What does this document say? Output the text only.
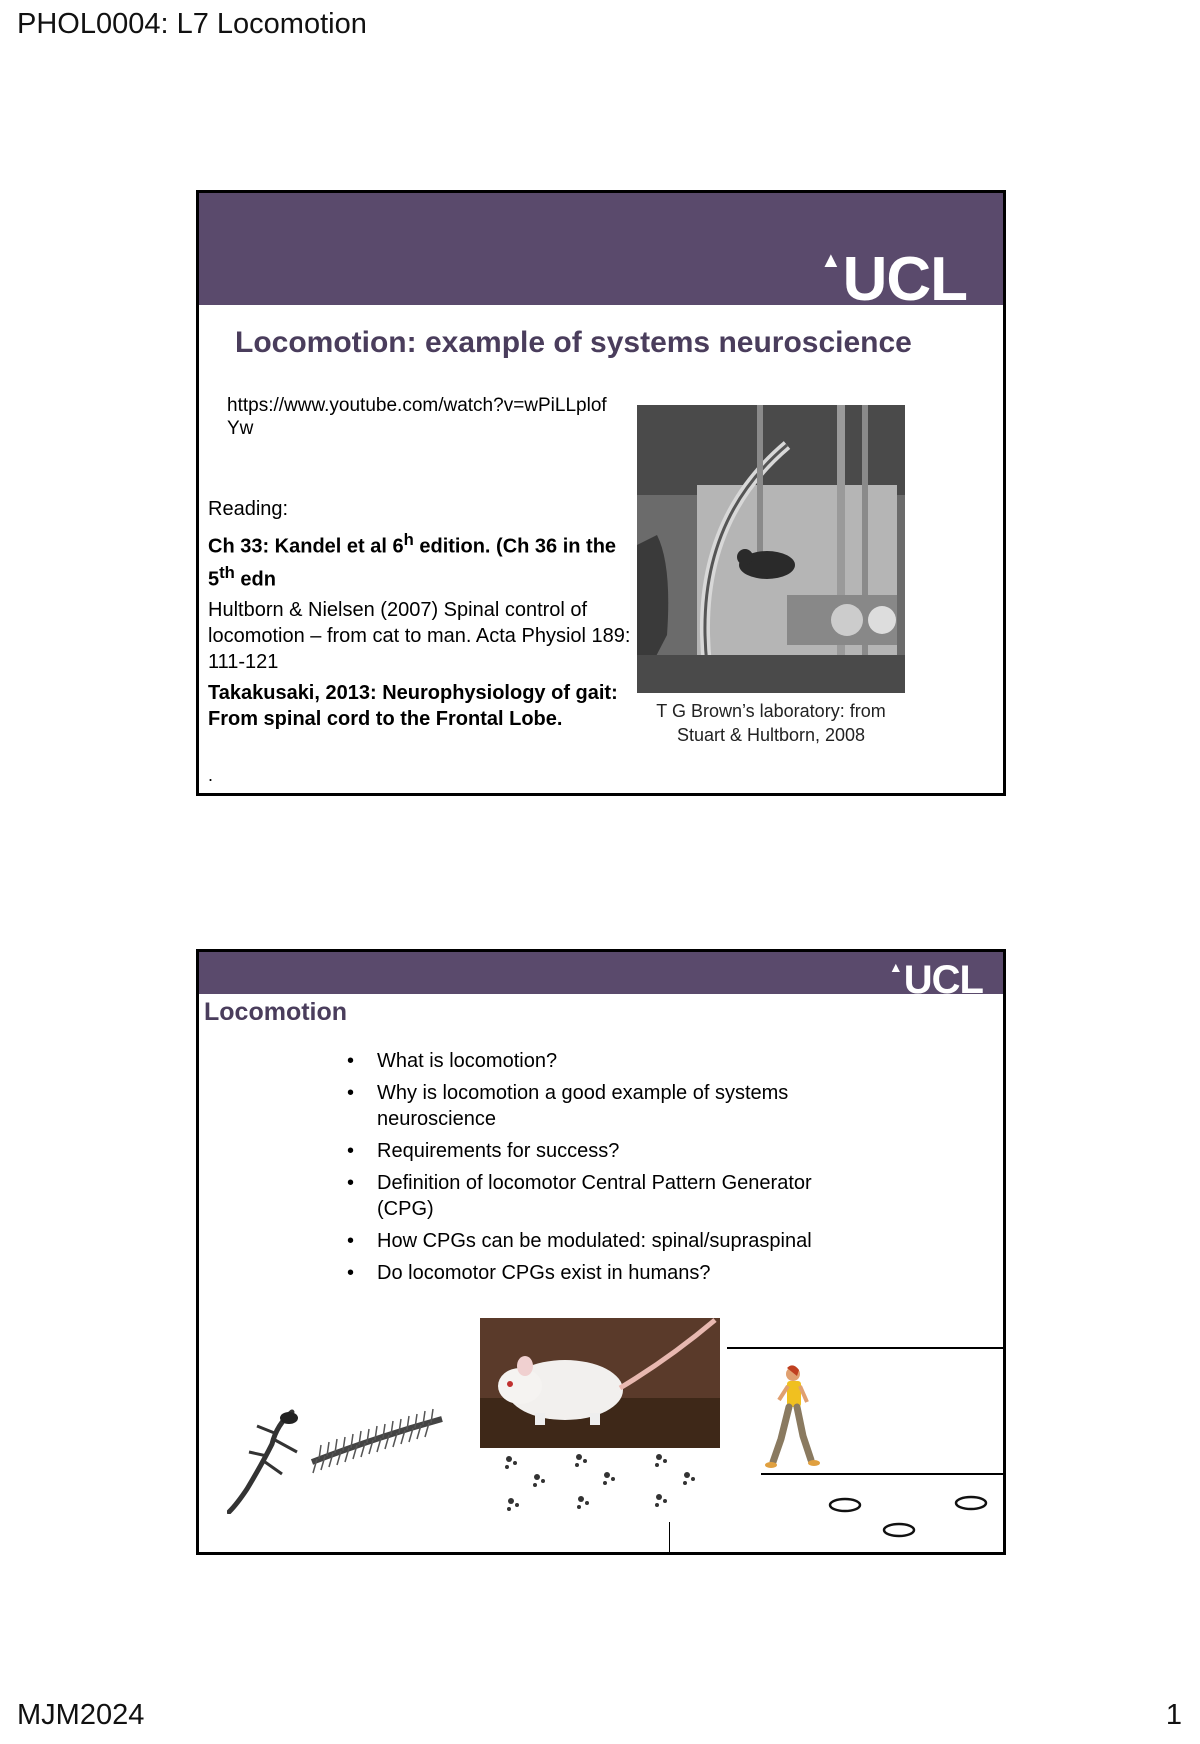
PHOL0004: L7 Locomotion
▲UCL
Locomotion: example of systems neuroscience
https://www.youtube.com/watch?v=wPiLLplofYw

Reading:

Ch 33: Kandel et al 6$^h$ edition. (Ch 36 in the 5th edn

Hultborn & Nielsen (2007) Spinal control of locomotion – from cat to man. Acta Physiol 189: 111-121

Takakusaki, 2013: Neurophysiology of gait: From spinal cord to the Frontal Lobe.

.
T G Brown’s laboratory: from Stuart & Hultborn, 2008
▲UCL
Locomotion
• What is locomotion?
• Why is locomotion a good example of systems neuroscience
• Requirements for success?
• Definition of locomotor Central Pattern Generator (CPG)
• How CPGs can be modulated: spinal/supraspinal
• Do locomotor CPGs exist in humans?
MJM2024	1
